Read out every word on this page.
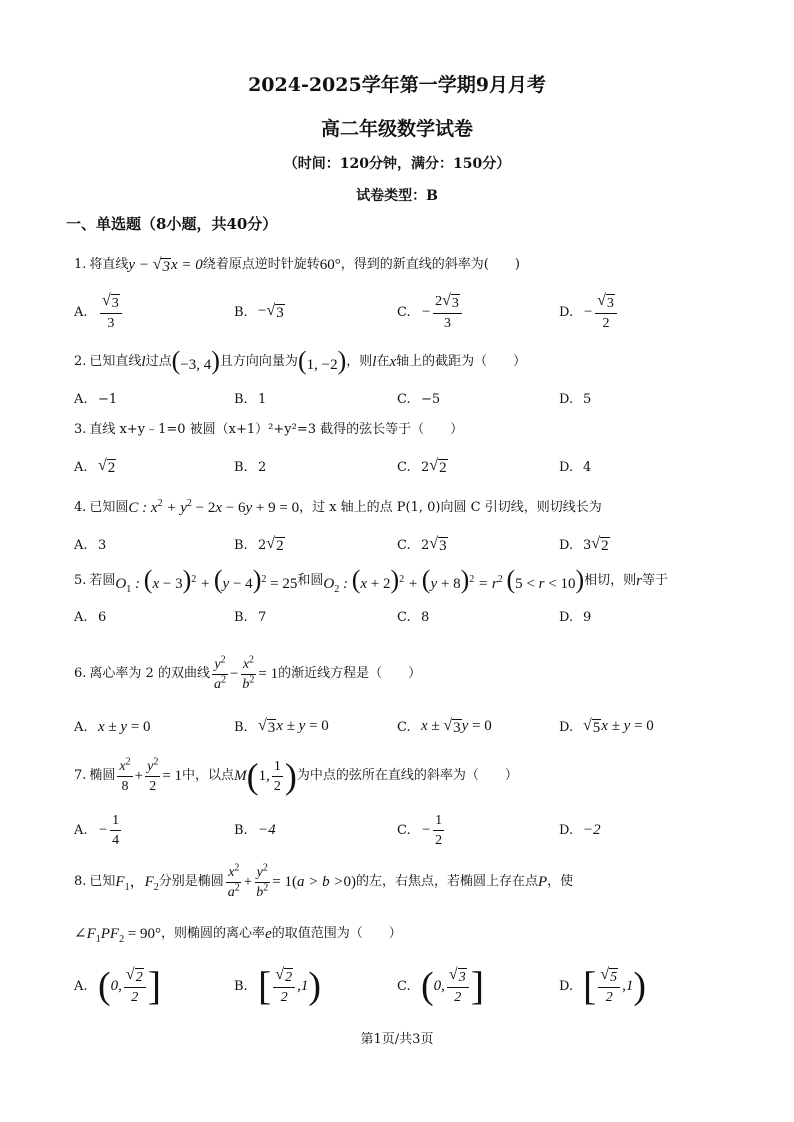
2024-2025学年第一学期9月月考
高二年级数学试卷
（时间：120分钟，满分：150分）
试卷类型：B
一、单选题（8小题，共40分）
1. 将直线 y − √ 3 x = 0 绕着原点逆时针旋转 60° ，得到的新直线的斜率为(　　)
A. $\frac{√ 3}{3}$	B. − √ 3	C. − $\frac{2 √ 3}{3}$	D. − $\frac{√ 3}{2}$
2. 已知直线 l 过点 (−3, 4) 且方向向量为 (1, −2) ，则 l 在 x 轴上的截距为（　　）
A. −1	B. 1	C. −5	D. 5
3. 直线 x+y﹣1=0 被圆（x+1）²+y²=3 截得的弦长等于（　　）
A. √ 2	B. 2	C. 2 √ 2	D. 4
4. 已知圆 C : $x^2 + y^2 - 2x - 6y + 9 = 0$ ，过 x 轴上的点 P(1, 0)向圆 C 引切线，则切线长为
A. 3	B. 2 √ 2	C. 2 √ 3	D. 3 √ 2
5. 若圆 $O_1$ : $(x - 3)^2 + (y - 4)^2 = 25$ 和圆 $O_2$ : $(x + 2)^2 + (y + 8)^2 = r^2$ (5 < r < 10) 相切，则 r 等于
A. 6	B. 7	C. 8	D. 9
6. 离心率为 2 的双曲线 $\frac{y^2}{a^2} - \frac{x^2}{b^2} = 1$ 的渐近线方程是（　　）
A. x ± y = 0	B. √ 3 x ± y = 0	C. x ± √ 3 y = 0	D. √ 5 x ± y = 0
7. 椭圆 $\frac{x^2}{8} + \frac{y^2}{2} = 1$ 中，以点 M ( 1, $\frac{1}{2}$ ) 为中点的弦所在直线的斜率为（　　）
A. − $\frac{1}{4}$	B. −4	C. − $\frac{1}{2}$	D. −2
8. 已知 $F_1$，$F_2$ 分别是椭圆 $\frac{x^2}{a^2} + \frac{y^2}{b^2} = 1$( a > b > 0) 的左，右焦点，若椭圆上存在点 P ，使
$\angle F_1PF_2 = 90^\circ$ ，则椭圆的离心率 e 的取值范围为（　　）
A. ( 0, $\frac{√ 2}{2}$ ]	B. [ $\frac{√ 2}{2} ,1$ )	C. ( 0, $\frac{√ 3}{2}$ ]	D. [ $\frac{√ 5}{2} ,1$ )
第1页/共3页
